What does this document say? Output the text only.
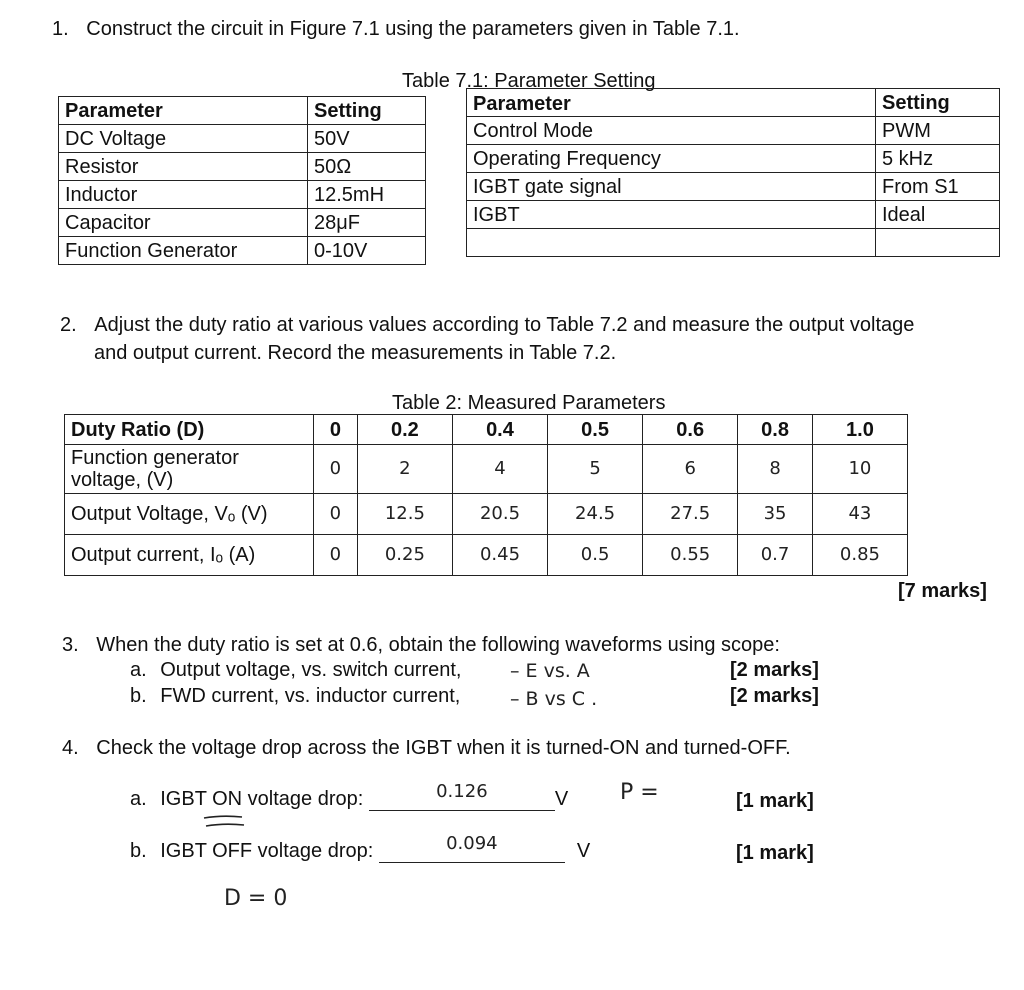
1. Construct the circuit in Figure 7.1 using the parameters given in Table 7.1.
Table 7.1: Parameter Setting
Parameter	Setting
DC Voltage	50V
Resistor	50Ω
Inductor	12.5mH
Capacitor	28μF
Function Generator	0-10V
Parameter	Setting
Control Mode	PWM
Operating Frequency	5 kHz
IGBT gate signal	From S1
IGBT	Ideal

2. Adjust the duty ratio at various values according to Table 7.2 and measure the output voltage
and output current. Record the measurements in Table 7.2.
Table 2: Measured Parameters
Duty Ratio (D)	0	0.2	0.4	0.5	0.6	0.8	1.0

Function generator
voltage, (V)	0	2	4	5	6	8	10
Output Voltage, Vₒ (V)	0	12.5	20.5	24.5	27.5	35	43
Output current, Iₒ (A)	0	0.25	0.45	0.5	0.55	0.7	0.85
[7 marks]
3. When the duty ratio is set at 0.6, obtain the following waveforms using scope:
a. Output voltage, vs. switch current,	– E vs. A	[2 marks]
b. FWD current, vs. inductor current,	– B vs C .	[2 marks]
4. Check the voltage drop across the IGBT when it is turned-ON and turned-OFF.
a. IGBT ON voltage drop:	0.126	V P =	[1 mark]
b. IGBT OFF voltage drop:	0.094	V	[1 mark]
D = 0
